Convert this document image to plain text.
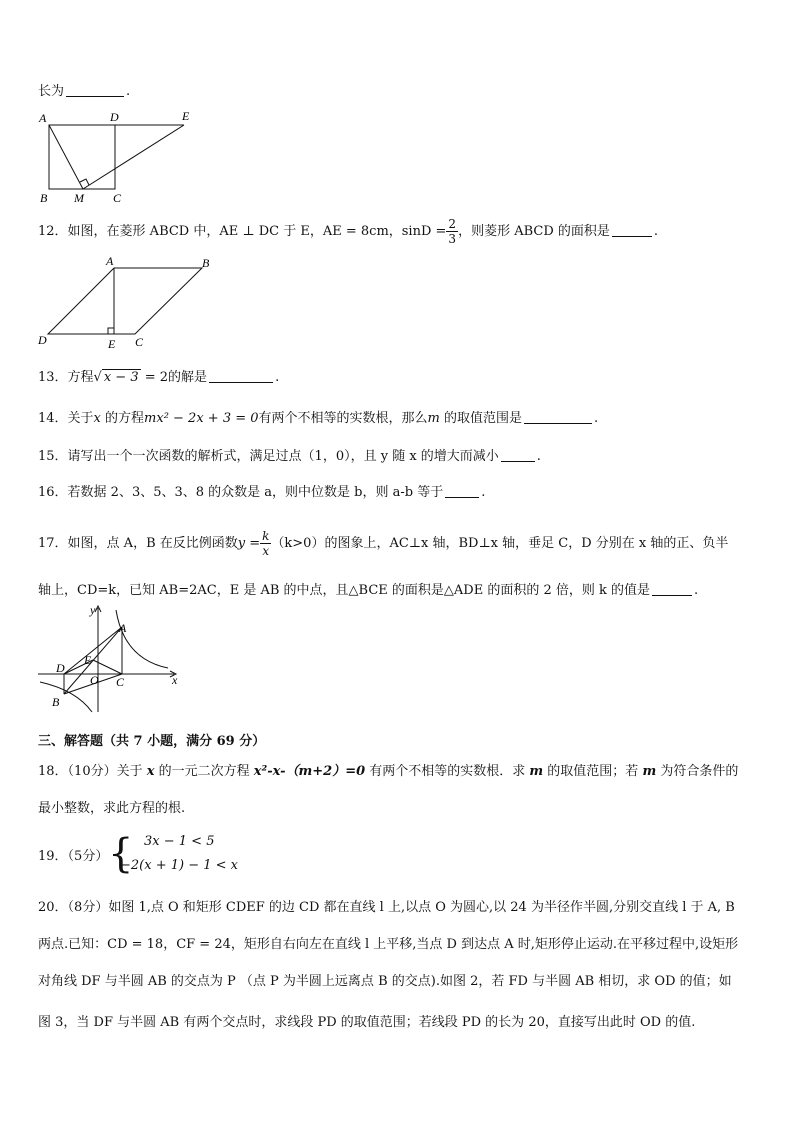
长为	.
A	D	E
B M C
12．如图，在菱形 ABCD 中，AE ⊥ DC 于 E，AE = 8cm，$\sin D = \frac{2}{3}$ ，则菱形 ABCD 的面积是	.
A	B
D	E C
13．方程√ x − 3 = 2的解是	.
14．关于x 的方程mx² − 2x + 3 = 0有两个不相等的实数根，那么m 的取值范围是	.
15．请写出一个一次函数的解析式，满足过点（1，0），且 y 随 x 的增大而减小	.
16．若数据 2、3、5、3、8 的众数是 a，则中位数是 b，则 a-b 等于	.
17．如图，点 A，B 在反比例函数$y = \frac{k}{x} (k>0)$的图象上，AC⊥x 轴，BD⊥x 轴，垂足 C，D 分别在 x 轴的正、负半
轴上，CD=k，已知 AB=2AC，E 是 AB 的中点，且△BCE 的面积是△ADE 的面积的 2 倍，则 k 的值是	.
y
A
E
D
O C	x
B
三、解答题（共 7 小题，满分 69 分）
18．（10分）关于 x 的一元二次方程 x²-x-（m+2）=0 有两个不相等的实数根．求 m 的取值范围；若 m 为符合条件的
最小整数，求此方程的根.
19．（5分） { 3x − 1 < 5
−2(x + 1) − 1 < x
20．（8分）如图 1,点 O 和矩形 CDEF 的边 CD 都在直线 l 上,以点 O 为圆心,以 24 为半径作半圆,分别交直线 l 于 A, B
两点.已知：CD = 18，CF = 24，矩形自右向左在直线 l 上平移,当点 D 到达点 A 时,矩形停止运动.在平移过程中,设矩形
对角线 DF 与半圆 AB 的交点为 P （点 P 为半圆上远离点 B 的交点).如图 2，若 FD 与半圆 AB 相切，求 OD 的值；如
图 3，当 DF 与半圆 AB 有两个交点时，求线段 PD 的取值范围；若线段 PD 的长为 20，直接写出此时 OD 的值.
